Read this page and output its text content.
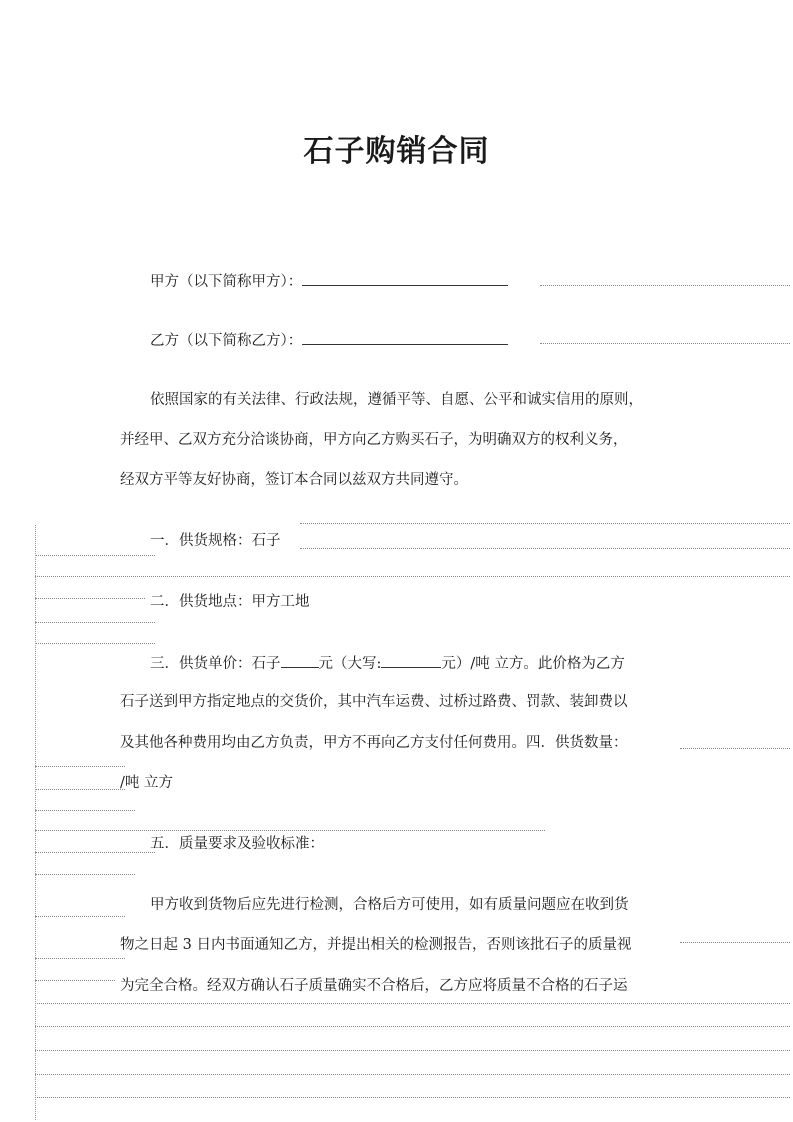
石子购销合同
甲方（以下简称甲方）：
乙方（以下简称乙方）：
依照国家的有关法律、行政法规，遵循平等、自愿、公平和诚实信用的原则，
并经甲、乙双方充分洽谈协商，甲方向乙方购买石子，为明确双方的权利义务，
经双方平等友好协商，签订本合同以兹双方共同遵守。
一．供货规格：石子
二．供货地点：甲方工地
三．供货单价：石子	元（大写:	元）/吨 立方。此价格为乙方
石子送到甲方指定地点的交货价，其中汽车运费、过桥过路费、罚款、装卸费以
及其他各种费用均由乙方负责，甲方不再向乙方支付任何费用。四．供货数量：
/吨 立方
五．质量要求及验收标准：
甲方收到货物后应先进行检测，合格后方可使用，如有质量问题应在收到货
物之日起 3 日内书面通知乙方，并提出相关的检测报告，否则该批石子的质量视
为完全合格。经双方确认石子质量确实不合格后，乙方应将质量不合格的石子运
